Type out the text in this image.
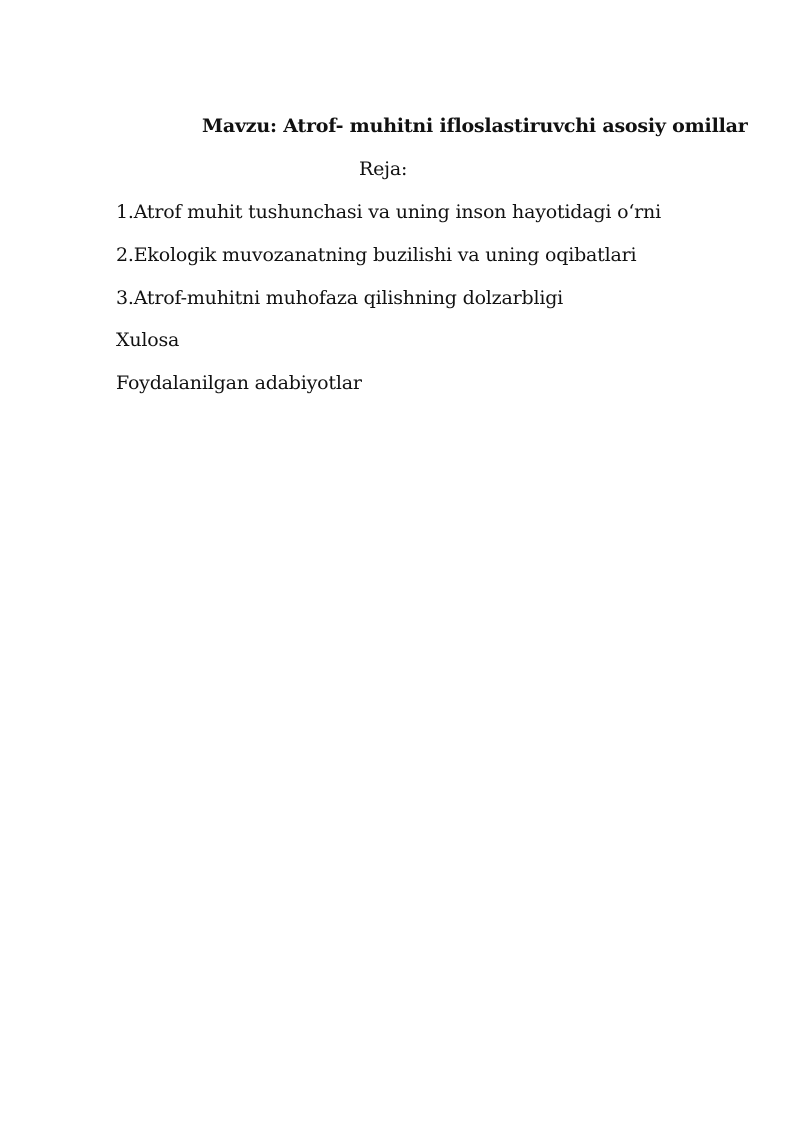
Mavzu: Atrof- muhitni ifloslastiruvchi asosiy omillar
Reja:
1.Atrof muhit tushunchasi va uning inson hayotidagi o‘rni
2.Ekologik muvozanatning buzilishi va uning oqibatlari
3.Atrof-muhitni muhofaza qilishning dolzarbligi
Xulosa
Foydalanilgan adabiyotlar
